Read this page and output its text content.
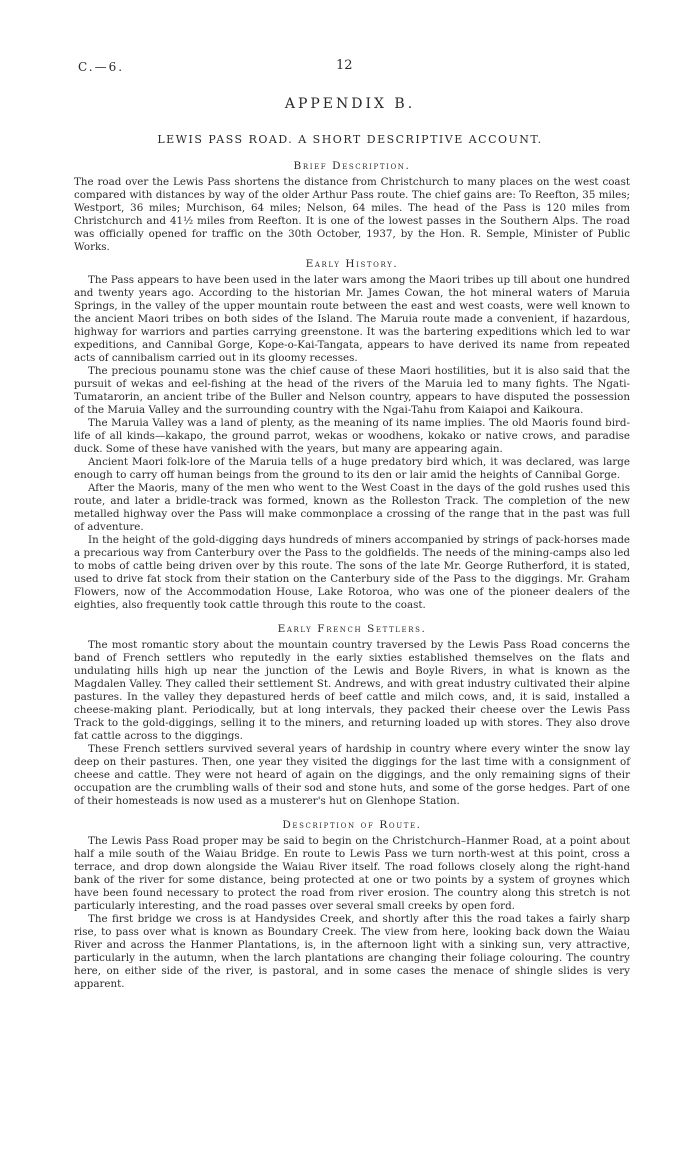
C.—6.	12
APPENDIX B.
LEWIS PASS ROAD. A SHORT DESCRIPTIVE ACCOUNT.
Brief Description.

The road over the Lewis Pass shortens the distance from Christchurch to many places on the west coast compared with distances by way of the older Arthur Pass route. The chief gains are: To Reefton, 35 miles; Westport, 36 miles; Murchison, 64 miles; Nelson, 64 miles. The head of the Pass is 120 miles from Christchurch and 41½ miles from Reefton. It is one of the lowest passes in the Southern Alps. The road was officially opened for traffic on the 30th October, 1937, by the Hon. R. Semple, Minister of Public Works.

Early History.

The Pass appears to have been used in the later wars among the Maori tribes up till about one hundred and twenty years ago. According to the historian Mr. James Cowan, the hot mineral waters of Maruia Springs, in the valley of the upper mountain route between the east and west coasts, were well known to the ancient Maori tribes on both sides of the Island. The Maruia route made a convenient, if hazardous, highway for warriors and parties carrying greenstone. It was the bartering expeditions which led to war expeditions, and Cannibal Gorge, Kope-o-Kai-Tangata, appears to have derived its name from repeated acts of cannibalism carried out in its gloomy recesses.

The precious pounamu stone was the chief cause of these Maori hostilities, but it is also said that the pursuit of wekas and eel-fishing at the head of the rivers of the Maruia led to many fights. The Ngati-Tumatarorin, an ancient tribe of the Buller and Nelson country, appears to have disputed the possession of the Maruia Valley and the surrounding country with the Ngai-Tahu from Kaiapoi and Kaikoura.

The Maruia Valley was a land of plenty, as the meaning of its name implies. The old Maoris found bird-life of all kinds—kakapo, the ground parrot, wekas or woodhens, kokako or native crows, and paradise duck. Some of these have vanished with the years, but many are appearing again.

Ancient Maori folk-lore of the Maruia tells of a huge predatory bird which, it was declared, was large enough to carry off human beings from the ground to its den or lair amid the heights of Cannibal Gorge.

After the Maoris, many of the men who went to the West Coast in the days of the gold rushes used this route, and later a bridle-track was formed, known as the Rolleston Track. The completion of the new metalled highway over the Pass will make commonplace a crossing of the range that in the past was full of adventure.

In the height of the gold-digging days hundreds of miners accompanied by strings of pack-horses made a precarious way from Canterbury over the Pass to the goldfields. The needs of the mining-camps also led to mobs of cattle being driven over by this route. The sons of the late Mr. George Rutherford, it is stated, used to drive fat stock from their station on the Canterbury side of the Pass to the diggings. Mr. Graham Flowers, now of the Accommodation House, Lake Rotoroa, who was one of the pioneer dealers of the eighties, also frequently took cattle through this route to the coast.

Early French Settlers.

The most romantic story about the mountain country traversed by the Lewis Pass Road concerns the band of French settlers who reputedly in the early sixties established themselves on the flats and undulating hills high up near the junction of the Lewis and Boyle Rivers, in what is known as the Magdalen Valley. They called their settlement St. Andrews, and with great industry cultivated their alpine pastures. In the valley they depastured herds of beef cattle and milch cows, and, it is said, installed a cheese-making plant. Periodically, but at long intervals, they packed their cheese over the Lewis Pass Track to the gold-diggings, selling it to the miners, and returning loaded up with stores. They also drove fat cattle across to the diggings.

These French settlers survived several years of hardship in country where every winter the snow lay deep on their pastures. Then, one year they visited the diggings for the last time with a consignment of cheese and cattle. They were not heard of again on the diggings, and the only remaining signs of their occupation are the crumbling walls of their sod and stone huts, and some of the gorse hedges. Part of one of their homesteads is now used as a musterer's hut on Glenhope Station.

Description of Route.

The Lewis Pass Road proper may be said to begin on the Christchurch–Hanmer Road, at a point about half a mile south of the Waiau Bridge. En route to Lewis Pass we turn north-west at this point, cross a terrace, and drop down alongside the Waiau River itself. The road follows closely along the right-hand bank of the river for some distance, being protected at one or two points by a system of groynes which have been found necessary to protect the road from river erosion. The country along this stretch is not particularly interesting, and the road passes over several small creeks by open ford.

The first bridge we cross is at Handysides Creek, and shortly after this the road takes a fairly sharp rise, to pass over what is known as Boundary Creek. The view from here, looking back down the Waiau River and across the Hanmer Plantations, is, in the afternoon light with a sinking sun, very attractive, particularly in the autumn, when the larch plantations are changing their foliage colouring. The country here, on either side of the river, is pastoral, and in some cases the menace of shingle slides is very apparent.
